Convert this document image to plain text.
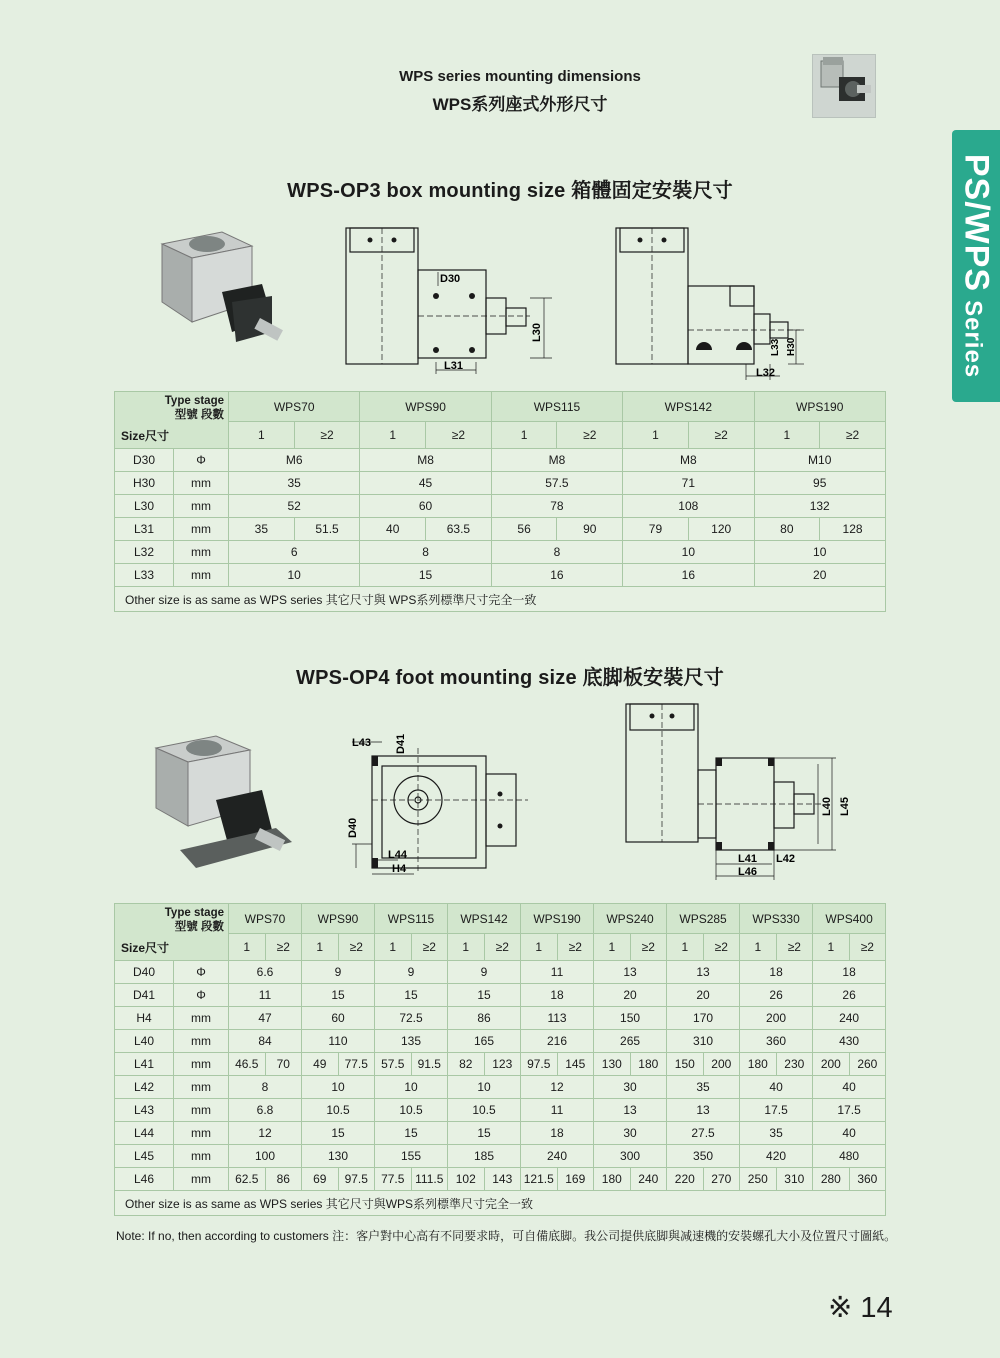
WPS series mounting dimensions
WPS系列座式外形尺寸
PS/WPSSeries
WPS-OP3 box mounting size 箱體固定安裝尺寸
D30
L30
L31
L33 H30
L32
Type stage
型號 段數
Size尺寸		WPS70		WPS90		WPS115		WPS142		WPS190	
		1	≥2	1	≥2	1	≥2	1	≥2	1	≥2
D30	Φ	M6		M8		M8		M8		M10	
H30	mm	35		45		57.5		71		95	
L30	mm	52		60		78		108		132	
L31	mm	35	51.5	40	63.5	56	90	79	120	80	128
L32	mm	6		8		8		10		10	
L33	mm	10		15		16		16		20	
Other size is as same as WPS series 其它尺寸與 WPS系列標準尺寸完全一致											
WPS-OP4 foot mounting size 底脚板安裝尺寸
L43 D41
D40
L44
H4
L45
L40
L41 L42
L46
Type stage
型號 段數
Size尺寸		WPS70		WPS90		WPS115		WPS142		WPS190		WPS240		WPS285		WPS330		WPS400	
		1	≥2	1	≥2	1	≥2	1	≥2	1	≥2	1	≥2	1	≥2	1	≥2	1	≥2
D40	Φ	6.6		9		9		9		11		13		13		18		18	
D41	Φ	11		15		15		15		18		20		20		26		26	
H4	mm	47		60		72.5		86		113		150		170		200		240	
L40	mm	84		110		135		165		216		265		310		360		430	
L41	mm	46.5	70	49	77.5	57.5	91.5	82	123	97.5	145	130	180	150	200	180	230	200	260
L42	mm	8		10		10		10		12		30		35		40		40	
L43	mm	6.8		10.5		10.5		10.5		11		13		13		17.5		17.5	
L44	mm	12		15		15		15		18		30		27.5		35		40	
L45	mm	100		130		155		185		240		300		350		420		480	
L46	mm	62.5	86	69	97.5	77.5	111.5	102	143	121.5	169	180	240	220	270	250	310	280	360
Other size is as same as WPS series 其它尺寸與WPS系列標準尺寸完全一致																			
Note: If no, then according to customers 注：客户對中心高有不同要求時，可自備底脚。我公司提供底脚與减速機的安裝螺孔大小及位置尺寸圖紙。
※ 14
